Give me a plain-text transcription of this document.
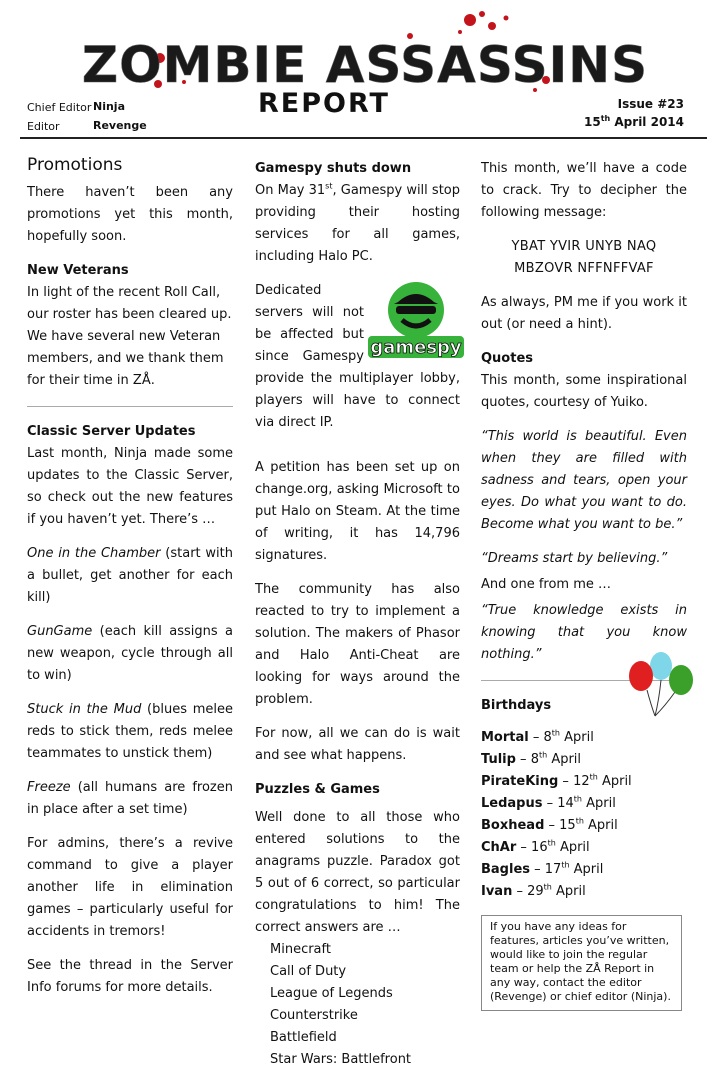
ZOMBIE ASSASSINS
REPORT
Chief Editor Ninja
Editor	Revenge
Issue #23
15th April 2014
Promotions

There haven’t been any promotions yet this month, hopefully soon.

New Veterans

In light of the recent Roll Call, our roster has been cleared up. We have several new Veteran members, and we thank them for their time in ZÅ.

Classic Server Updates

Last month, Ninja made some updates to the Classic Server, so check out the new features if you haven’t yet. There’s …

One in the Chamber (start with a bullet, get another for each kill)

GunGame (each kill assigns a new weapon, cycle through all to win)

Stuck in the Mud (blues melee reds to stick them, reds melee teammates to unstick them)

Freeze (all humans are frozen in place after a set time)

For admins, there’s a revive command to give a player another life in elimination games – particularly useful for accidents in tremors!

See the thread in the Server Info forums for more details.

Gamespy shuts down

On May 31st, Gamespy will stop providing their hosting services for all games, including Halo PC.

gamespy
Dedicated servers will not be affected but since Gamespy provide the multiplayer lobby, players will have to connect via direct IP.

A petition has been set up on change.org, asking Microsoft to put Halo on Steam. At the time of writing, it has 14,796 signatures.

The community has also reacted to try to implement a solution. The makers of Phasor and Halo Anti-Cheat are looking for ways around the problem.

For now, all we can do is wait and see what happens.

Puzzles & Games

Well done to all those who entered solutions to the anagrams puzzle. Paradox got 5 out of 6 correct, so particular congratulations to him! The correct answers are …

Minecraft
Call of Duty
League of Legends
Counterstrike
Battlefield
Star Wars: Battlefront

This month, we’ll have a code to crack. Try to decipher the following message:

YBAT YVIR UNYB NAQ
MBZOVR NFFNFFVAF

As always, PM me if you work it out (or need a hint).

Quotes

This month, some inspirational quotes, courtesy of Yuiko.

“This world is beautiful. Even when they are filled with sadness and tears, open your eyes. Do what you want to do. Become what you want to be.”

“Dreams start by believing.”

And one from me …

“True knowledge exists in knowing that you know nothing.”

Birthdays
Mortal – 8th April
Tulip – 8th April
PirateKing – 12th April
Ledapus – 14th April
Boxhead – 15th April
ChAr – 16th April
Bagles – 17th April
Ivan – 29th April
If you have any ideas for features, articles you’ve written, would like to join the regular team or help the ZÅ Report in any way, contact the editor (Revenge) or chief editor (Ninja).
